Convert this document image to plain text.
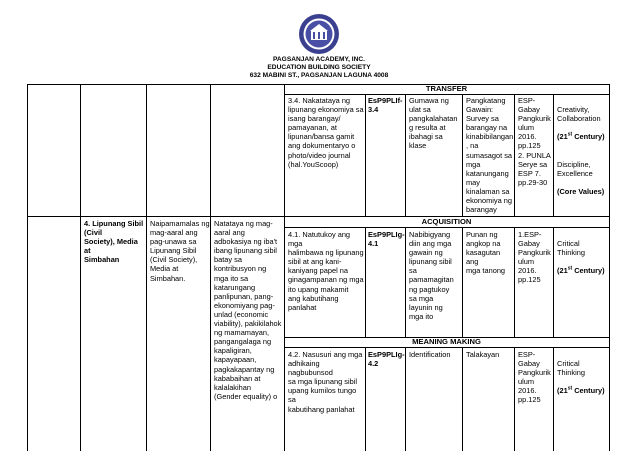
PAGSANJAN ACADEMY, INC.
EDUCATION BUILDING SOCIETY
632 MABINI ST., PAGSANJAN LAGUNA 4008
TRANSFER
ACQUISITION
MEANING MAKING
3.4. Nakatataya ng
lipunang ekonomiya sa
isang barangay/
pamayanan, at
lipunan/bansa gamit
ang dokumentaryo o
photo/video journal
(hal.YouScoop)
EsP9PLIf-
3.4
Gumawa ng
ulat sa
pangkalahatan
g resulta at
ibahagi sa
klase
Pangkatang
Gawain:
Survey sa
barangay na
kinabibilangan
, na
sumasagot sa
mga
katanungang
may
kinalaman sa
ekonomiya ng
barangay
ESP-
Gabay
Pangkurik
ulum
2016.
pp.125
2. PUNLA
Serye sa
ESP 7.
pp.29-30

Creativity,
Collaboration

(21st Century)

Discipline,
Excellence

(Core Values)

4. Lipunang Sibil
(Civil
Society), Media at
Simbahan
Naipamamalas ng
mag-aaral ang
pag-unawa sa
Lipunang Sibil
(Civil Society),
Media at
Simbahan.
Natataya ng mag-
aaral ang
adbokasiya ng iba't
ibang lipunang sibil
batay sa
kontribusyon ng
mga ito sa
katarungang
panlipunan, pang-
ekonomiyang pag-
unlad (economic
viability), pakikilahok
ng mamamayan,
pangangalaga ng
kapaligiran,
kapayapaan,
pagkakapantay ng
kababaihan at
kalalakihan
(Gender equality) o
4.1. Natutukoy ang mga
halimbawa ng lipunang
sibil at ang kani-
kaniyang papel na
ginagampanan ng mga
ito upang makamit
ang kabutihang
panlahat
EsP9PLIg-
4.1
Nabibigyang
diin ang mga
gawain ng
lipunang sibil
sa
pamamagitan
ng pagtukoy
sa mga
layunin ng
mga ito
Punan ng
angkop na
kasagutan ang
mga tanong
1.ESP-
Gabay
Pangkurik
ulum
2016.
pp.125

Critical
Thinking

(21st Century)

4.2. Nasusuri ang mga
adhikaing nagbubunsod
sa mga lipunang sibil
upang kumilos tungo sa
kabutihang panlahat
EsP9PLIg-
4.2
Identification	Talakayan	ESP-
Gabay
Pangkurik
ulum
2016.
pp.125

Critical
Thinking

(21st Century)
